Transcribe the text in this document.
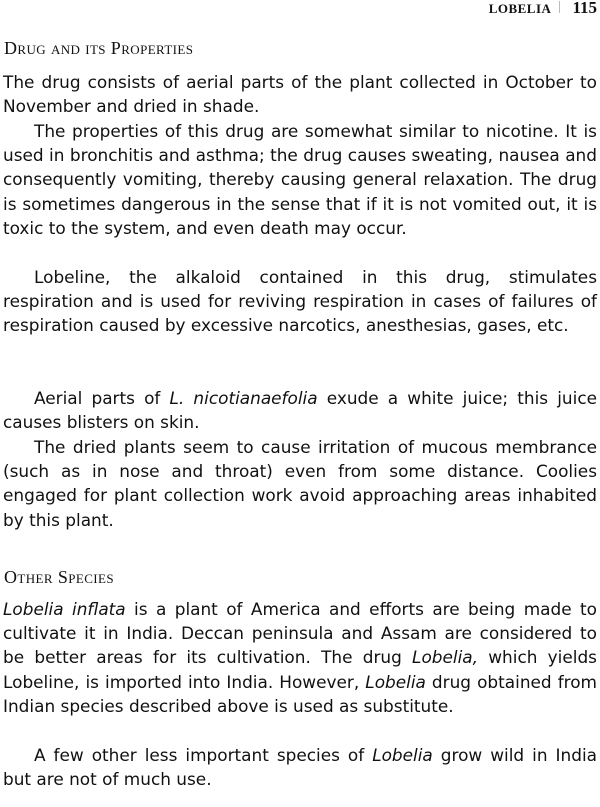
LOBELIA 115
Drug and its Properties

The drug consists of aerial parts of the plant collected in October to November and dried in shade.

The properties of this drug are somewhat similar to nicotine. It is used in bronchitis and asthma; the drug causes sweating, nausea and consequently vomiting, thereby causing general relaxation. The drug is sometimes dangerous in the sense that if it is not vomited out, it is toxic to the system, and even death may occur.

Lobeline, the alkaloid contained in this drug, stimulates respiration and is used for reviving respiration in cases of failures of respiration caused by excessive narcotics, anesthesias, gases, etc.

Aerial parts of L. nicotianaefolia exude a white juice; this juice causes blisters on skin.

The dried plants seem to cause irritation of mucous membrance (such as in nose and throat) even from some distance. Coolies engaged for plant collection work avoid approaching areas inhabited by this plant.

Other Species

Lobelia inflata is a plant of America and efforts are being made to cultivate it in India. Deccan peninsula and Assam are considered to be better areas for its cultivation. The drug Lobelia, which yields Lobeline, is imported into India. However, Lobelia drug obtained from Indian species described above is used as substitute.

A few other less important species of Lobelia grow wild in India but are not of much use.
